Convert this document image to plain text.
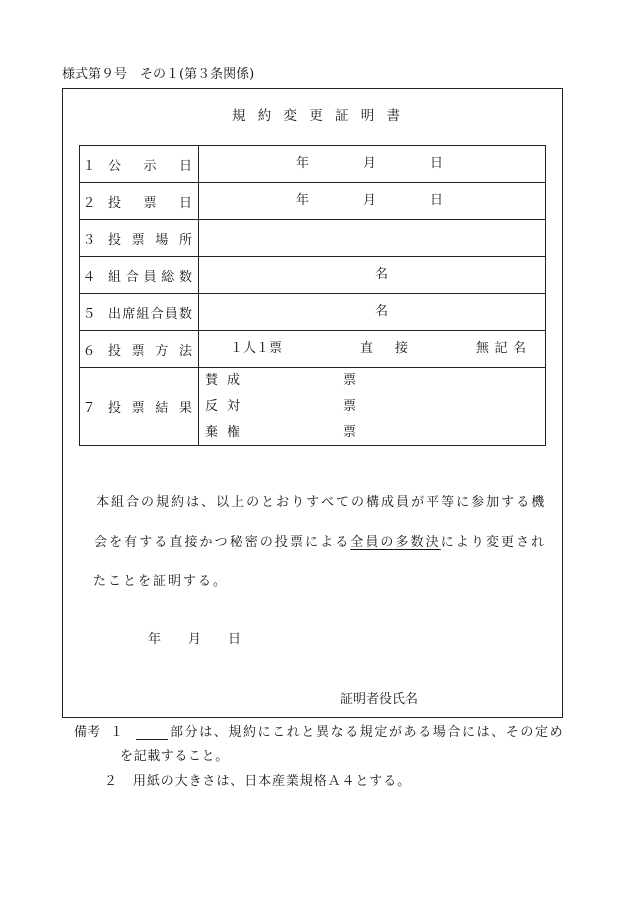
様式第９号　その１(第３条関係)
規約変更証明書
１ 公示日	年	月	日
２ 投票日	年	月	日
３ 投票場所
４ 組合員総数	名
５ 出席組合員数	名
６ 投票方法	１人１票	直接	無記名
７ 投票結果
賛成	票
反対	票
棄権	票
本組合の規約は、以上のとおりすべての構成員が平等に参加する機
会を有する直接かつ秘密の投票による全員の多数決により変更され
たことを証明する。
年 月 日
証明者役氏名
備考 １	部分は、規約にこれと異なる規定がある場合には、その定め
を記載すること。
２ 用紙の大きさは、日本産業規格Ａ４とする。
